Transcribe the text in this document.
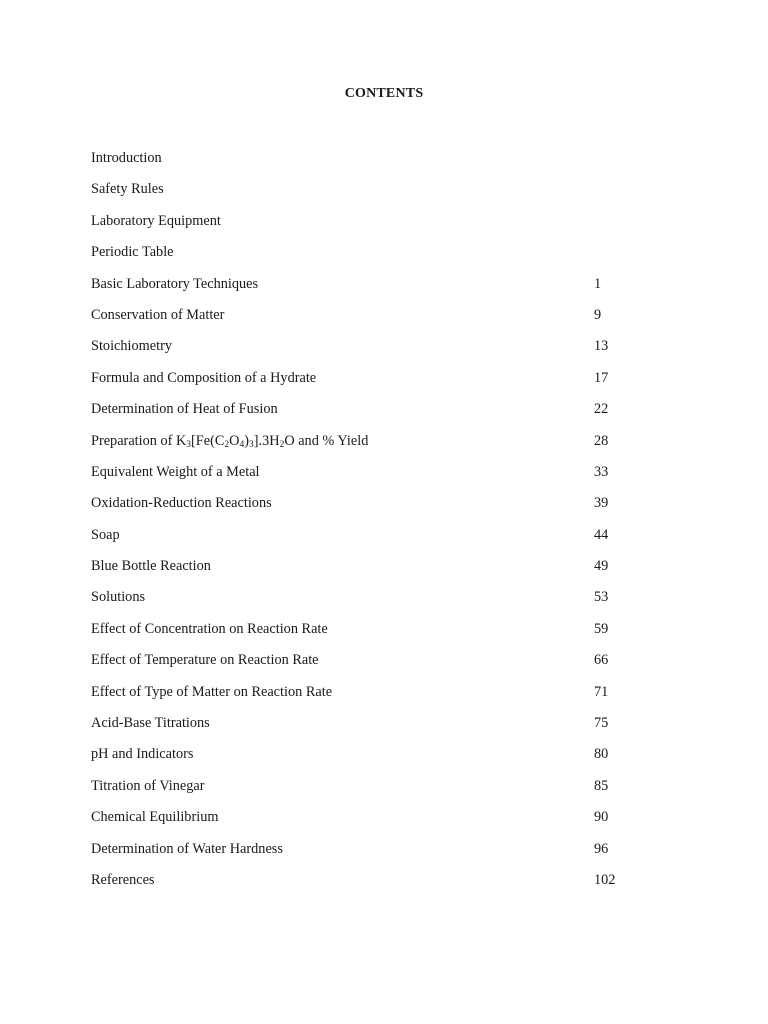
CONTENTS
Introduction
Safety Rules
Laboratory Equipment
Periodic Table
Basic Laboratory Techniques	1
Conservation of Matter	9
Stoichiometry	13
Formula and Composition of a Hydrate	17
Determination of Heat of Fusion	22
Preparation of $K_3[Fe(C_2O_4)_3].3H_2O$ and % Yield	28
Equivalent Weight of a Metal	33
Oxidation-Reduction Reactions	39
Soap	44
Blue Bottle Reaction	49
Solutions	53
Effect of Concentration on Reaction Rate	59
Effect of Temperature on Reaction Rate	66
Effect of Type of Matter on Reaction Rate	71
Acid-Base Titrations	75
pH and Indicators	80
Titration of Vinegar	85
Chemical Equilibrium	90
Determination of Water Hardness	96
References	102
